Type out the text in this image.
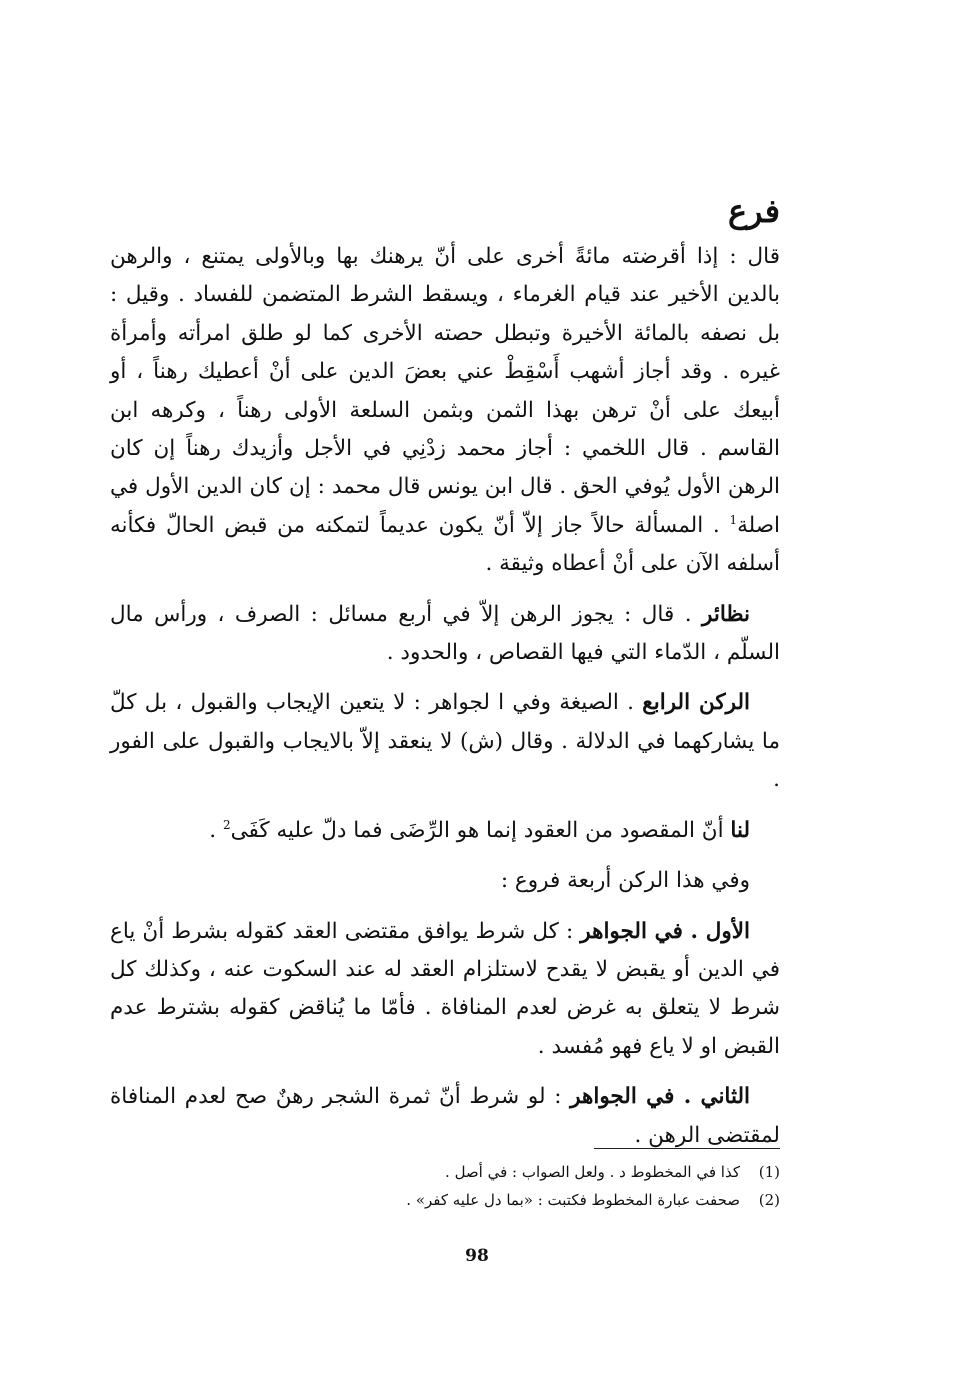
فرع

قال : إذا أقرضته مائةً أخرى على أنّ يرهنك بها وبالأولى يمتنع ، والرهن بالدين الأخير عند قيام الغرماء ، ويسقط الشرط المتضمن للفساد . وقيل : بل نصفه بالمائة الأخيرة وتبطل حصته الأخرى كما لو طلق امرأته وأمرأة غيره . وقد أجاز أشهب أَسْقِطْ عني بعضَ الدين على أنْ أعطيك رهناً ، أو أبيعك على أنْ ترهن بهذا الثمن وبثمن السلعة الأولى رهناً ، وكرهه ابن القاسم . قال اللخمي : أجاز محمد زدْنِي في الأجل وأزيدك رهناً إن كان الرهن الأول يُوفي الحق . قال ابن يونس قال محمد : إن كان الدين الأول في اصلة$^1$ . المسألة حالاً جاز إلاّ أنّ يكون عديماً لتمكنه من قبض الحالّ فكأنه أسلفه الآن على أنْ أعطاه وثيقة .

نظائر . قال : يجوز الرهن إلاّ في أربع مسائل : الصرف ، ورأس مال السلّم ، الدّماء التي فيها القصاص ، والحدود .

الركن الرابع . الصيغة وفي ا لجواهر : لا يتعين الإيجاب والقبول ، بل كلّ ما يشاركهما في الدلالة . وقال (ش) لا ينعقد إلاّ بالايجاب والقبول على الفور .

لنا أنّ المقصود من العقود إنما هو الرِّضَى فما دلّ عليه كَفَى$^2$ .

وفي هذا الركن أربعة فروع :

الأول . في الجواهر : كل شرط يوافق مقتضى العقد كقوله بشرط أنْ ياع في الدين أو يقبض لا يقدح لاستلزام العقد له عند السكوت عنه ، وكذلك كل شرط لا يتعلق به غرض لعدم المنافاة . فأمّا ما يُناقض كقوله بشترط عدم القبض او لا ياع فهو مُفسد .

الثاني . في الجواهر : لو شرط أنّ ثمرة الشجر رهنٌ صح لعدم المنافاة لمقتضى الرهن .

(1)
كذا في المخطوط د . ولعل الصواب : في أصل .
(2)
صحفت عبارة المخطوط فكتبت : «بما دل عليه كفر» .
98
